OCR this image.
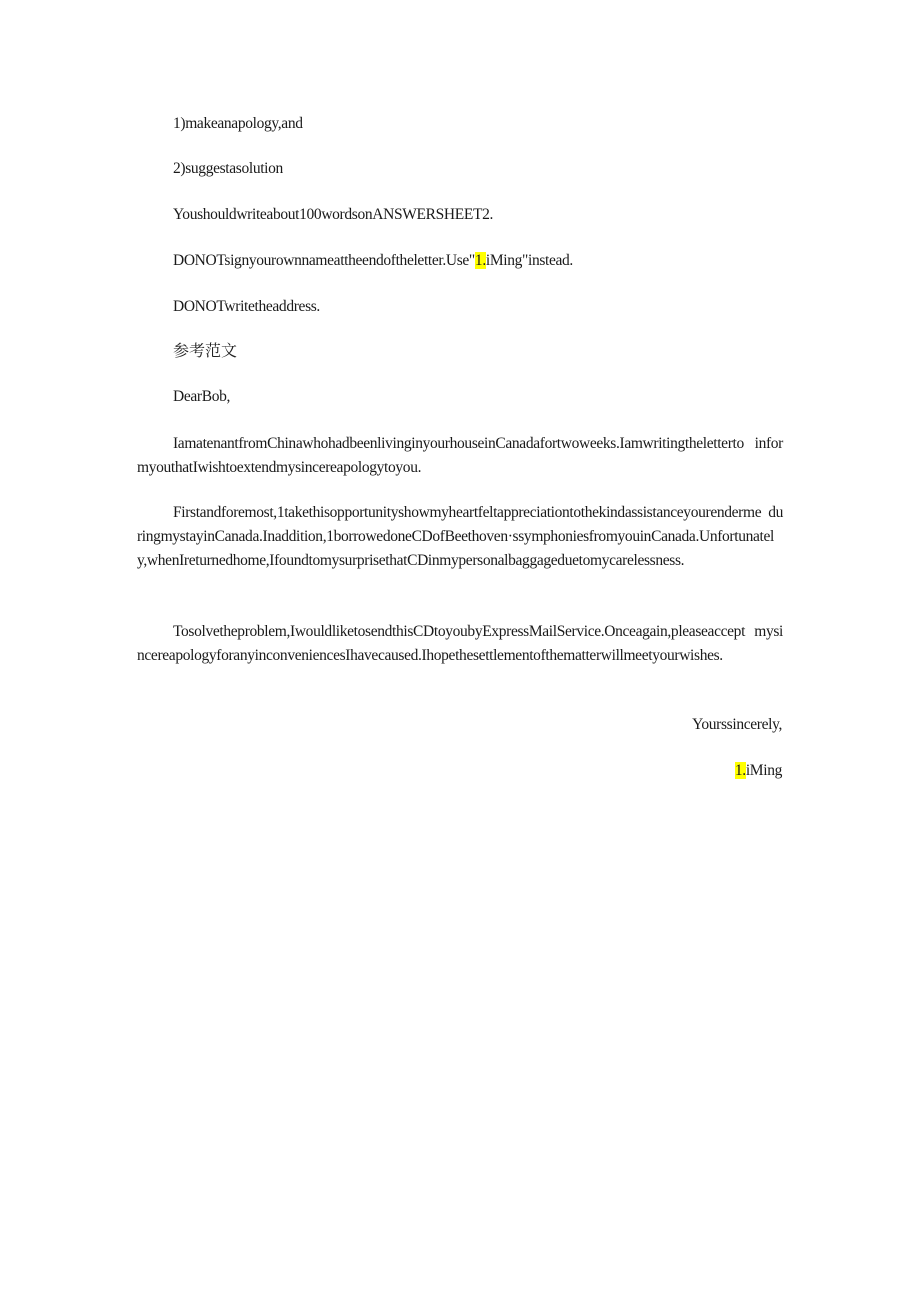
1)makeanapology,and
2)suggestasolution
Youshouldwriteabout100wordsonANSWERSHEET2.
DONOTsignyourownnameattheendoftheletter.Use"1.iMing"instead.
DONOTwritetheaddress.
参考范文
DearBob,

IamatenantfromChinawhohadbeenlivinginyourhouseinCanadafortwoweeks.Iamwritingtheletterto informyouthatIwishtoextendmysincereapologytoyou.

Firstandforemost,1takethisopportunityshowmyheartfeltappreciationtothekindassistanceyourenderme duringmystayinCanada.Inaddition,1borrowedoneCDofBeethoven·ssymphoniesfromyouinCanada.Unfortunately,whenIreturnedhome,IfoundtomysurprisethatCDinmypersonalbaggageduetomycarelessness.

Tosolvetheproblem,IwouldliketosendthisCDtoyoubyExpressMailService.Onceagain,pleaseaccept mysincereapologyforanyinconveniencesIhavecaused.Ihopethesettlementofthematterwillmeetyourwishes.

Yourssincerely,
1.iMing
